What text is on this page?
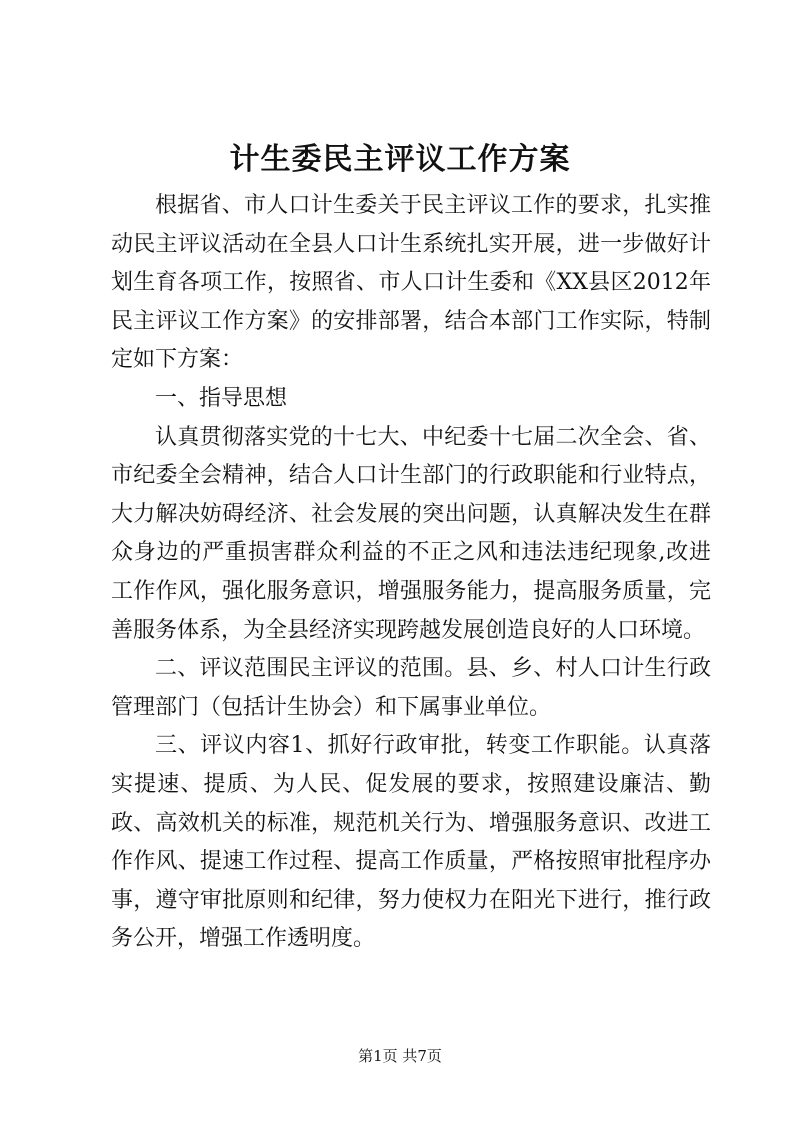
计生委民主评议工作方案

根据省、市人口计生委关于民主评议工作的要求，扎实推动民主评议活动在全县人口计生系统扎实开展，进一步做好计划生育各项工作，按照省、市人口计生委和《XX县区2012年民主评议工作方案》的安排部署，结合本部门工作实际，特制定如下方案：

一、指导思想

认真贯彻落实党的十七大、中纪委十七届二次全会、省、市纪委全会精神，结合人口计生部门的行政职能和行业特点，大力解决妨碍经济、社会发展的突出问题，认真解决发生在群众身边的严重损害群众利益的不正之风和违法违纪现象,改进工作作风，强化服务意识，增强服务能力，提高服务质量，完善服务体系，为全县经济实现跨越发展创造良好的人口环境。

二、评议范围民主评议的范围。县、乡、村人口计生行政管理部门（包括计生协会）和下属事业单位。

三、评议内容1、抓好行政审批，转变工作职能。认真落实提速、提质、为人民、促发展的要求，按照建设廉洁、勤政、高效机关的标准，规范机关行为、增强服务意识、改进工作作风、提速工作过程、提高工作质量，严格按照审批程序办事，遵守审批原则和纪律，努力使权力在阳光下进行，推行政务公开，增强工作透明度。

第1页 共7页
